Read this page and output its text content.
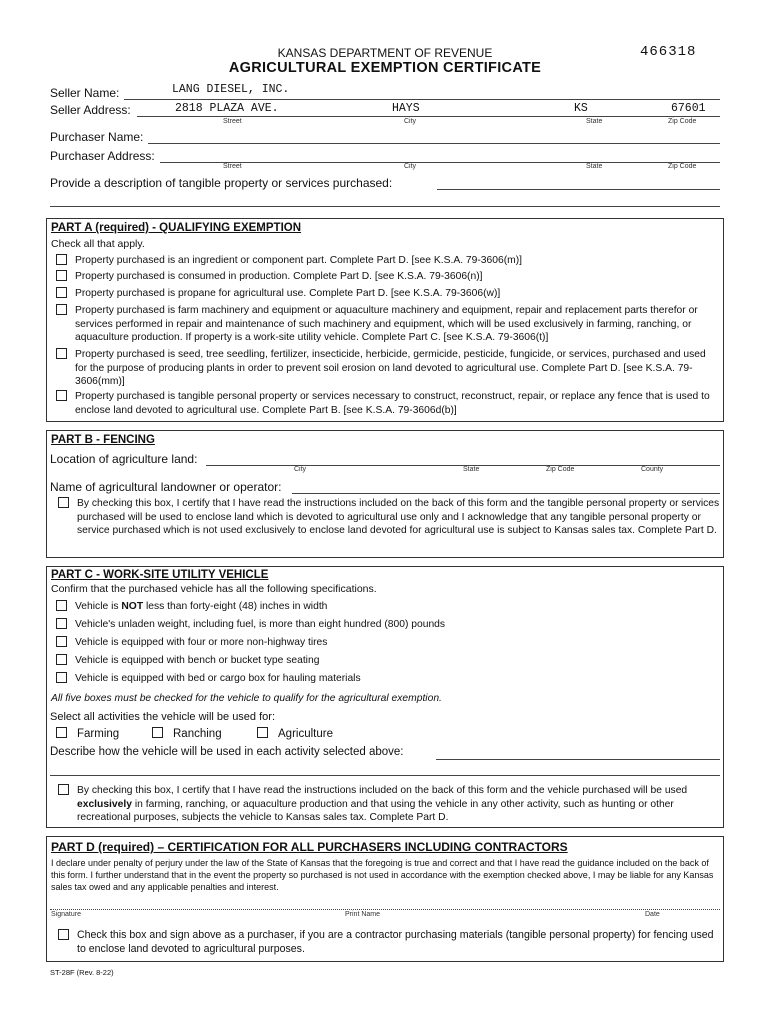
KANSAS DEPARTMENT OF REVENUE	466318
AGRICULTURAL EXEMPTION CERTIFICATE
Seller Name:	LANG DIESEL, INC.
Seller Address:	2818 PLAZA AVE.	HAYS	KS	67601
Street	City	State	Zip Code
Purchaser Name:
Purchaser Address:
Street	City	State	Zip Code
Provide a description of tangible property or services purchased:
PART A (required) - QUALIFYING EXEMPTION
Check all that apply.
Property purchased is an ingredient or component part. Complete Part D. [see K.S.A. 79-3606(m)]
Property purchased is consumed in production. Complete Part D. [see K.S.A. 79-3606(n)]
Property purchased is propane for agricultural use. Complete Part D. [see K.S.A. 79-3606(w)]
Property purchased is farm machinery and equipment or aquaculture machinery and equipment, repair and replacement parts therefor or services performed in repair and maintenance of such machinery and equipment, which will be used exclusively in farming, ranching, or aquaculture production. If property is a work-site utility vehicle. Complete Part C. [see K.S.A. 79-3606(t)]
Property purchased is seed, tree seedling, fertilizer, insecticide, herbicide, germicide, pesticide, fungicide, or services, purchased and used for the purpose of producing plants in order to prevent soil erosion on land devoted to agricultural use. Complete Part D. [see K.S.A. 79-3606(mm)]
Property purchased is tangible personal property or services necessary to construct, reconstruct, repair, or replace any fence that is used to enclose land devoted to agricultural use. Complete Part B. [see K.S.A. 79-3606d(b)]
PART B - FENCING
Location of agriculture land:
City	State	Zip Code	County
Name of agricultural landowner or operator:
By checking this box, I certify that I have read the instructions included on the back of this form and the tangible personal property or services purchased will be used to enclose land which is devoted to agricultural use only and I acknowledge that any tangible personal property or service purchased which is not used exclusively to enclose land devoted for agricultural use is subject to Kansas sales tax. Complete Part D.
PART C - WORK-SITE UTILITY VEHICLE
Confirm that the purchased vehicle has all the following specifications.
Vehicle is NOT less than forty-eight (48) inches in width
Vehicle's unladen weight, including fuel, is more than eight hundred (800) pounds
Vehicle is equipped with four or more non-highway tires
Vehicle is equipped with bench or bucket type seating
Vehicle is equipped with bed or cargo box for hauling materials
All five boxes must be checked for the vehicle to qualify for the agricultural exemption.
Select all activities the vehicle will be used for:
Farming	Ranching	Agriculture
Describe how the vehicle will be used in each activity selected above:
By checking this box, I certify that I have read the instructions included on the back of this form and the vehicle purchased will be used exclusively in farming, ranching, or aquaculture production and that using the vehicle in any other activity, such as hunting or other recreational purposes, subjects the vehicle to Kansas sales tax. Complete Part D.
PART D (required) – CERTIFICATION FOR ALL PURCHASERS INCLUDING CONTRACTORS
I declare under penalty of perjury under the law of the State of Kansas that the foregoing is true and correct and that I have read the guidance included on the back of this form. I further understand that in the event the property so purchased is not used in accordance with the exemption checked above, I may be liable for any Kansas sales tax owed and any applicable penalties and interest.
Signature	Print Name	Date
Check this box and sign above as a purchaser, if you are a contractor purchasing materials (tangible personal property) for fencing used to enclose land devoted to agricultural purposes.
ST-28F (Rev. 8-22)
